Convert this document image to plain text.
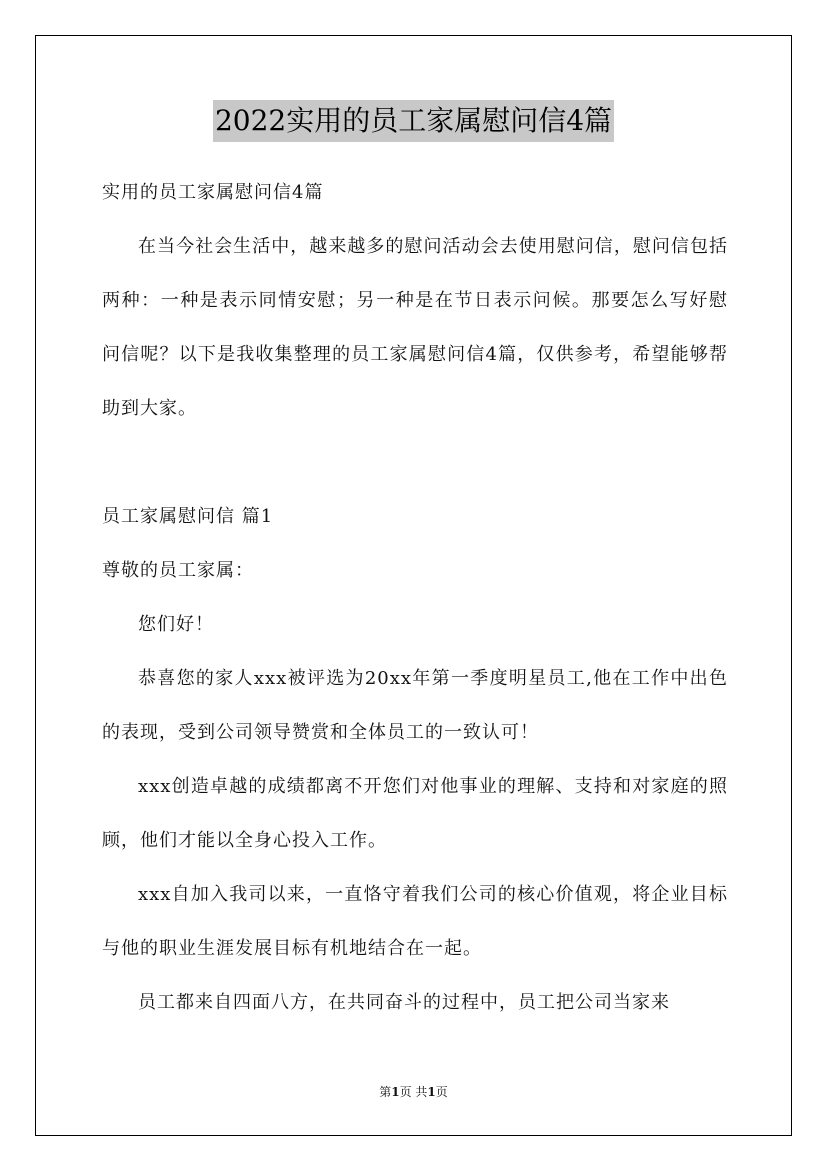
2022实用的员工家属慰问信4篇

实用的员工家属慰问信4篇

在当今社会生活中，越来越多的慰问活动会去使用慰问信，慰问信包括两种：一种是表示同情安慰；另一种是在节日表示问候。那要怎么写好慰问信呢？以下是我收集整理的员工家属慰问信4篇，仅供参考，希望能够帮助到大家。

员工家属慰问信 篇1

尊敬的员工家属：

您们好！

恭喜您的家人xxx被评选为20xx年第一季度明星员工,他在工作中出色的表现，受到公司领导赞赏和全体员工的一致认可！

xxx创造卓越的成绩都离不开您们对他事业的理解、支持和对家庭的照顾，他们才能以全身心投入工作。

xxx自加入我司以来，一直恪守着我们公司的核心价值观，将企业目标与他的职业生涯发展目标有机地结合在一起。

员工都来自四面八方，在共同奋斗的过程中，员工把公司当家来

第1页 共1页
